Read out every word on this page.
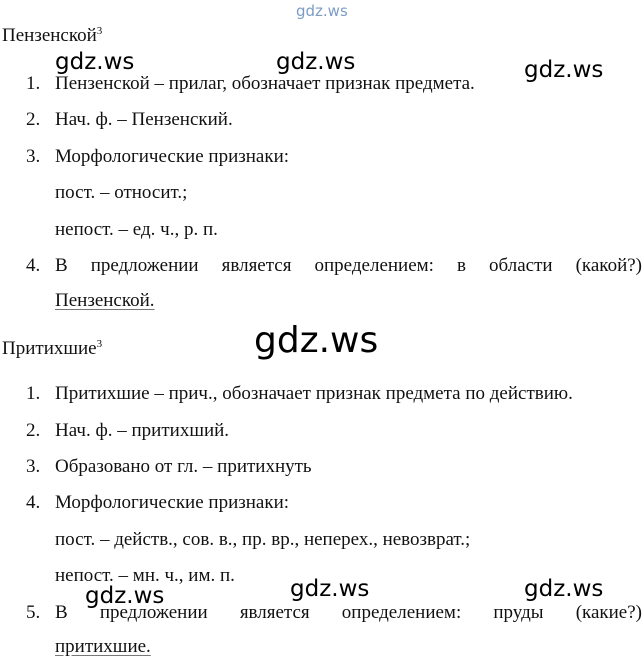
gdz.ws
gdz.ws	gdz.ws	gdz.ws
gdz.ws
gdz.ws	gdz.ws	gdz.ws
Пензенской$^3$
1. Пензенской – прилаг, обозначает признак предмета.
2. Нач. ф. – Пензенский.
3. Морфологические признаки:
пост. – относит.;
непост. – ед. ч., р. п.
4. В предложении является определением: в области (какой?)
Пензенской.
Притихшие$^3$
1. Притихшие – прич., обозначает признак предмета по действию.
2. Нач. ф. – притихший.
3. Образовано от гл. – притихнуть
4. Морфологические признаки:
пост. – действ., сов. в., пр. вр., неперех., невозврат.;
непост. – мн. ч., им. п.
5. В предложении является определением: пруды (какие?)
притихшие.
